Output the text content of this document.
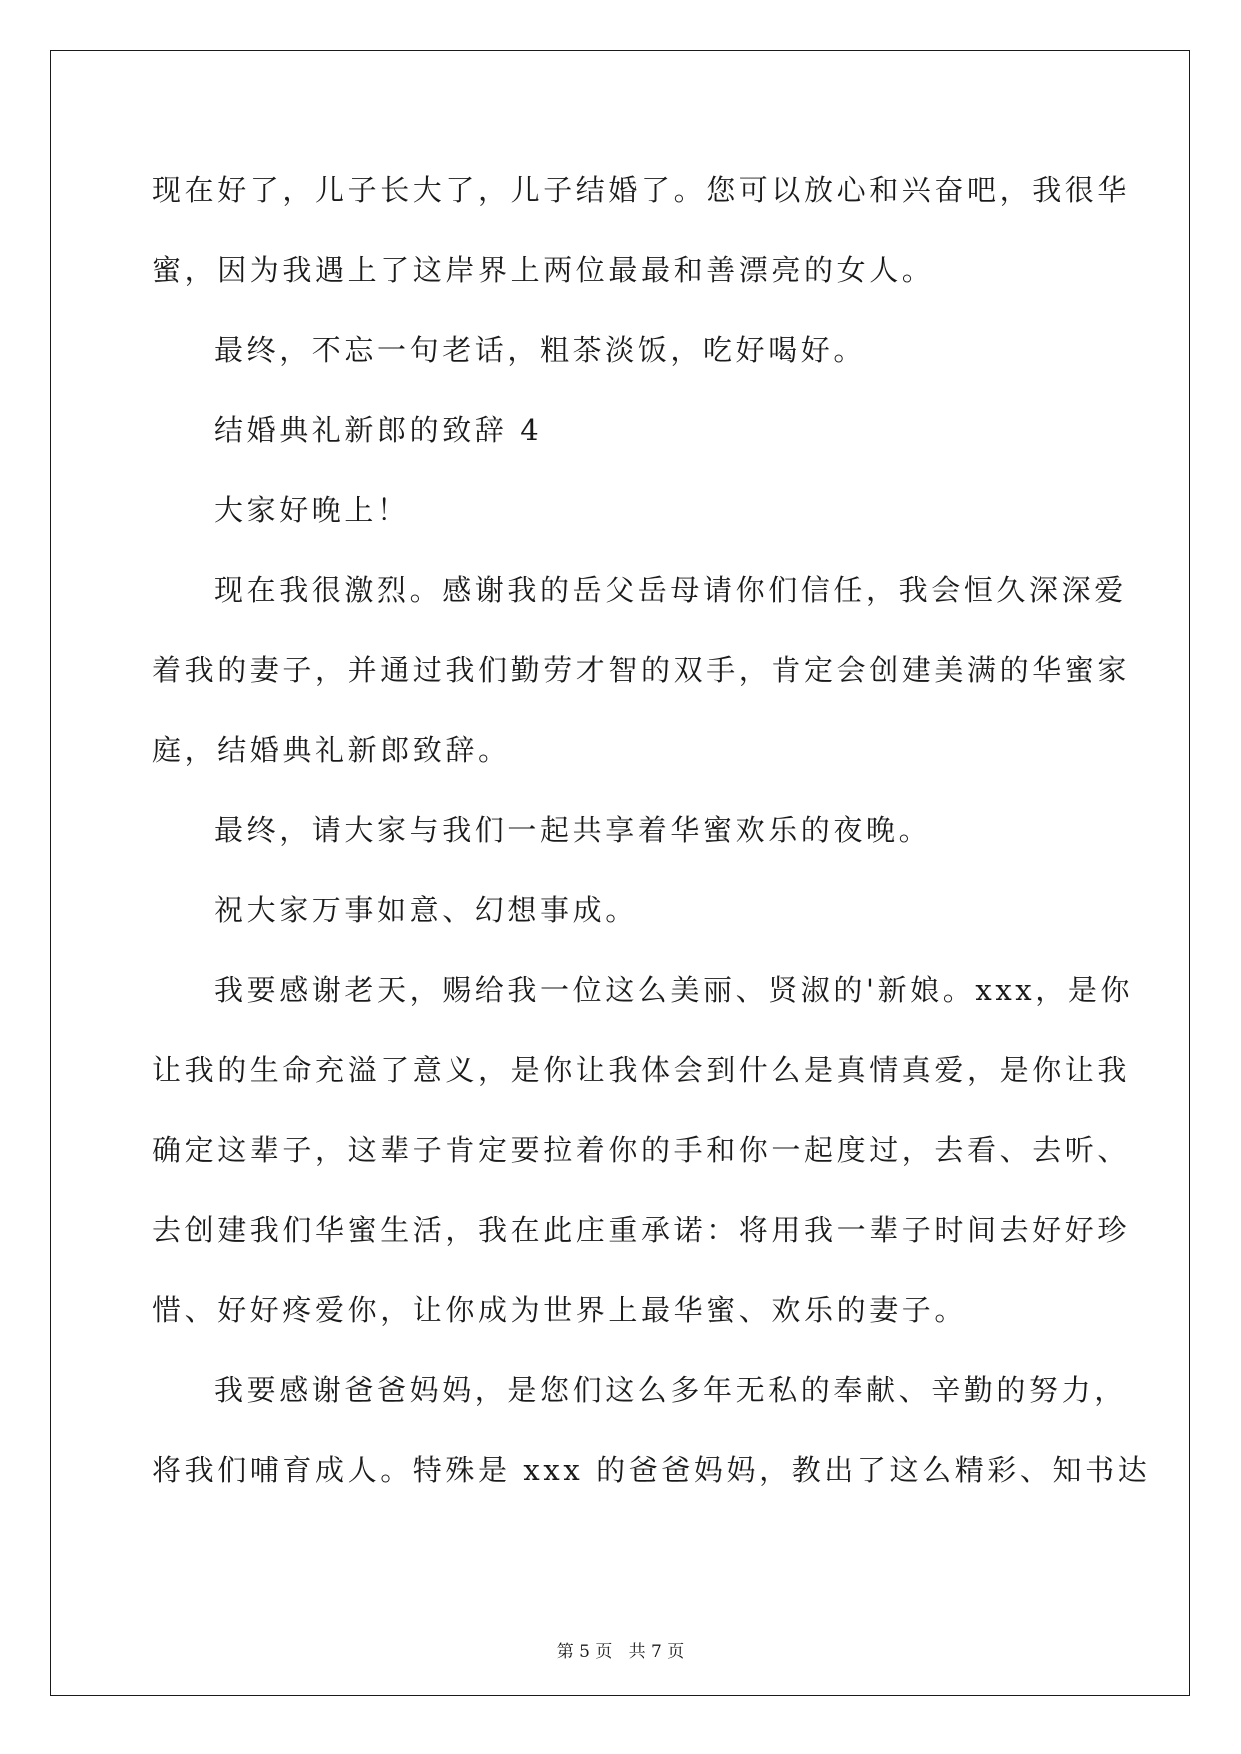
现在好了，儿子长大了，儿子结婚了。您可以放心和兴奋吧，我很华
蜜，因为我遇上了这岸界上两位最最和善漂亮的女人。
最终，不忘一句老话，粗茶淡饭，吃好喝好。
结婚典礼新郎的致辞 4
大家好晚上！
现在我很激烈。感谢我的岳父岳母请你们信任，我会恒久深深爱
着我的妻子，并通过我们勤劳才智的双手，肯定会创建美满的华蜜家
庭，结婚典礼新郎致辞。
最终，请大家与我们一起共享着华蜜欢乐的夜晚。
祝大家万事如意、幻想事成。
我要感谢老天，赐给我一位这么美丽、贤淑的'新娘。xxx，是你
让我的生命充溢了意义，是你让我体会到什么是真情真爱，是你让我
确定这辈子，这辈子肯定要拉着你的手和你一起度过，去看、去听、
去创建我们华蜜生活，我在此庄重承诺：将用我一辈子时间去好好珍
惜、好好疼爱你，让你成为世界上最华蜜、欢乐的妻子。
我要感谢爸爸妈妈，是您们这么多年无私的奉献、辛勤的努力，
将我们哺育成人。特殊是 xxx 的爸爸妈妈，教出了这么精彩、知书达
第 5 页   共 7 页
